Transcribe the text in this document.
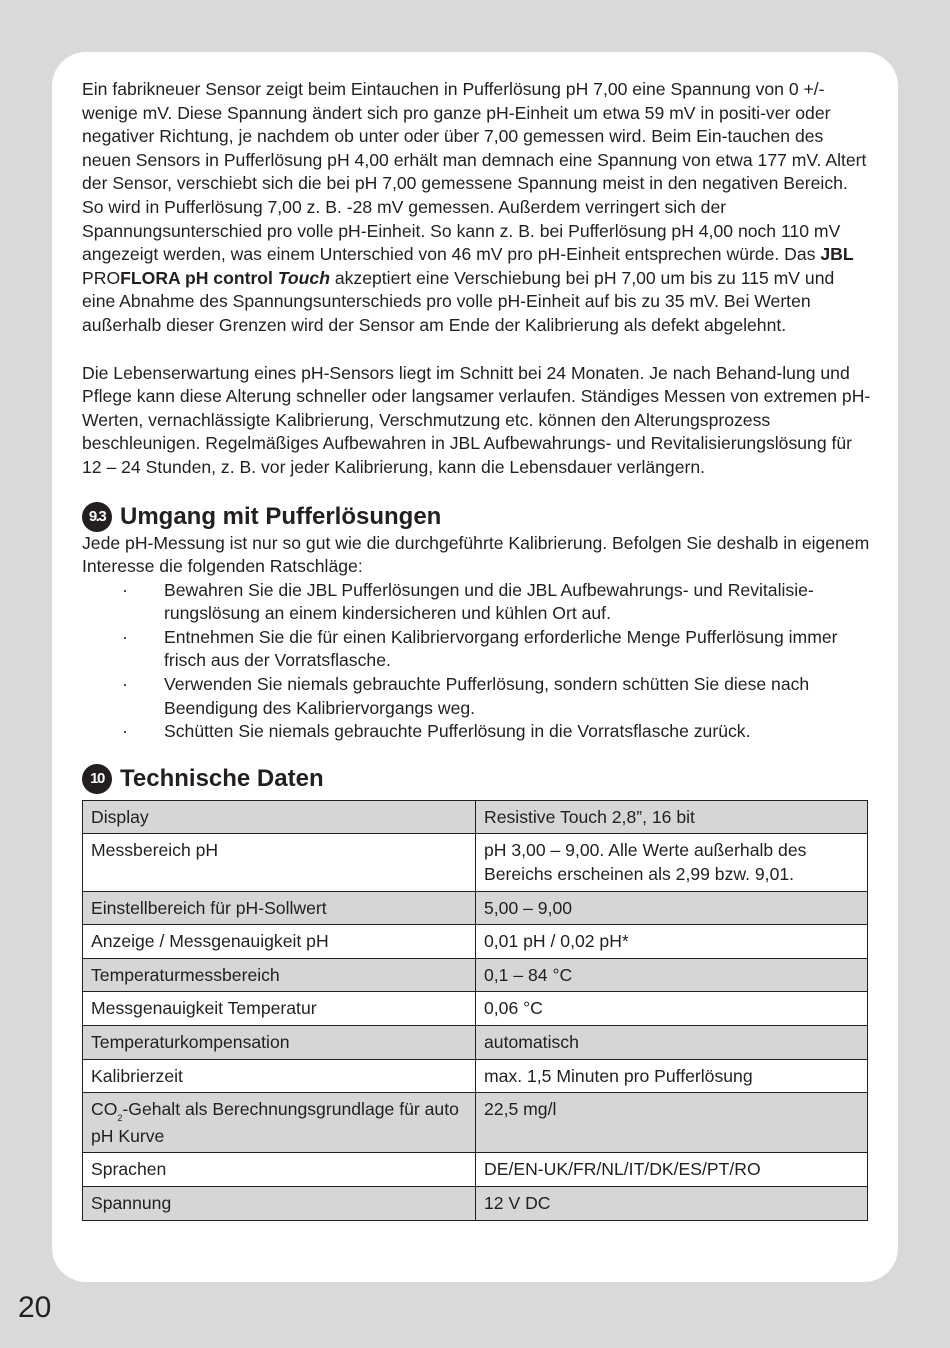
Ein fabrikneuer Sensor zeigt beim Eintauchen in Pufferlösung pH 7,00 eine Spannung von 0 +/- wenige mV. Diese Spannung ändert sich pro ganze pH-Einheit um etwa 59 mV in positi-ver oder negativer Richtung, je nachdem ob unter oder über 7,00 gemessen wird. Beim Ein-tauchen des neuen Sensors in Pufferlösung pH 4,00 erhält man demnach eine Spannung von etwa 177 mV. Altert der Sensor, verschiebt sich die bei pH 7,00 gemessene Spannung meist in den negativen Bereich. So wird in Pufferlösung 7,00 z. B. -28 mV gemessen. Außerdem verringert sich der Spannungsunterschied pro volle pH-Einheit. So kann z. B. bei Pufferlösung pH 4,00 noch 110 mV angezeigt werden, was einem Unterschied von 46 mV pro pH-Einheit entsprechen würde. Das JBL PROFLORA pH control Touch akzeptiert eine Verschiebung bei pH 7,00 um bis zu 115 mV und eine Abnahme des Spannungsunterschieds pro volle pH-Einheit auf bis zu 35 mV. Bei Werten außerhalb dieser Grenzen wird der Sensor am Ende der Kalibrierung als defekt abgelehnt.

Die Lebenserwartung eines pH-Sensors liegt im Schnitt bei 24 Monaten. Je nach Behand-lung und Pflege kann diese Alterung schneller oder langsamer verlaufen. Ständiges Messen von extremen pH-Werten, vernachlässigte Kalibrierung, Verschmutzung etc. können den Alterungsprozess beschleunigen. Regelmäßiges Aufbewahren in JBL Aufbewahrungs- und Revitalisierungslösung für 12 – 24 Stunden, z. B. vor jeder Kalibrierung, kann die Lebensdauer verlängern.

9.3 Umgang mit Pufferlösungen

Jede pH-Messung ist nur so gut wie die durchgeführte Kalibrierung. Befolgen Sie deshalb in eigenem Interesse die folgenden Ratschläge:

· Bewahren Sie die JBL Pufferlösungen und die JBL Aufbewahrungs- und Revitalisie-rungslösung an einem kindersicheren und kühlen Ort auf.
· Entnehmen Sie die für einen Kalibriervorgang erforderliche Menge Pufferlösung immer frisch aus der Vorratsflasche.
· Verwenden Sie niemals gebrauchte Pufferlösung, sondern schütten Sie diese nach Beendigung des Kalibriervorgangs weg.
· Schütten Sie niemals gebrauchte Pufferlösung in die Vorratsflasche zurück.
10 Technische Daten
Display	Resistive Touch 2,8”, 16 bit
Messbereich pH	pH 3,00 – 9,00. Alle Werte außerhalb des Bereichs erscheinen als 2,99 bzw. 9,01.
Einstellbereich für pH-Sollwert	5,00 – 9,00
Anzeige / Messgenauigkeit pH	0,01 pH / 0,02 pH*
Temperaturmessbereich	0,1 – 84 °C
Messgenauigkeit Temperatur	0,06 °C
Temperaturkompensation	automatisch
Kalibrierzeit	max. 1,5 Minuten pro Pufferlösung
$CO_2$-Gehalt als Berechnungsgrundlage für auto pH Kurve	22,5 mg/l
Sprachen	DE/EN-UK/FR/NL/IT/DK/ES/PT/RO
Spannung	12 V DC
20
